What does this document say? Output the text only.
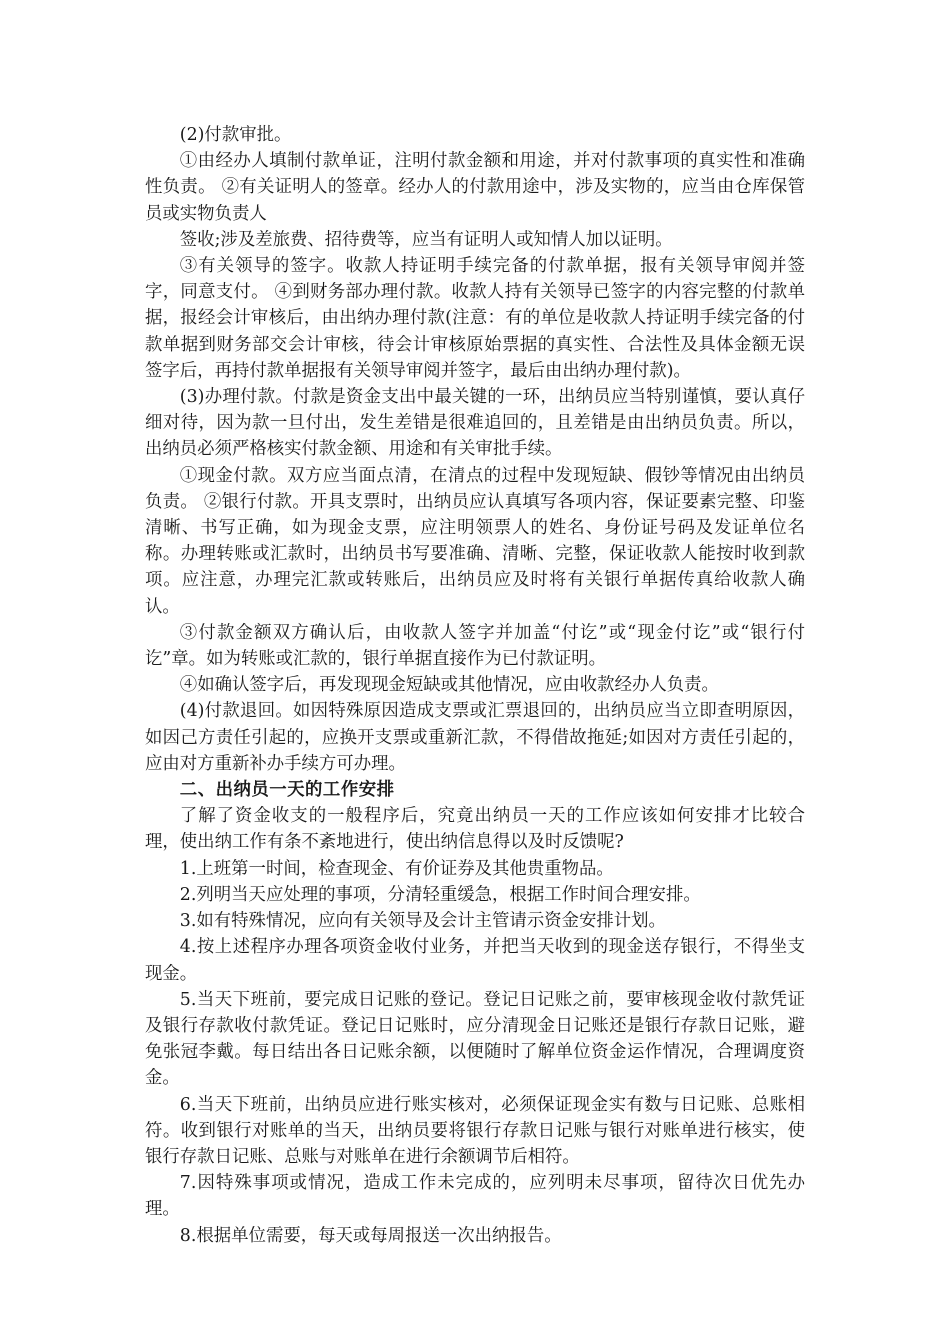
(2)付款审批。

①由经办人填制付款单证，注明付款金额和用途，并对付款事项的真实性和准确性负责。 ②有关证明人的签章。经办人的付款用途中，涉及实物的，应当由仓库保管员或实物负责人

签收;涉及差旅费、招待费等，应当有证明人或知情人加以证明。

③有关领导的签字。收款人持证明手续完备的付款单据，报有关领导审阅并签字，同意支付。 ④到财务部办理付款。收款人持有关领导已签字的内容完整的付款单据，报经会计审核后，由出纳办理付款(注意：有的单位是收款人持证明手续完备的付款单据到财务部交会计审核，待会计审核原始票据的真实性、合法性及具体金额无误签字后，再持付款单据报有关领导审阅并签字，最后由出纳办理付款)。

(3)办理付款。付款是资金支出中最关键的一环，出纳员应当特别谨慎，要认真仔细对待，因为款一旦付出，发生差错是很难追回的，且差错是由出纳员负责。所以，出纳员必须严格核实付款金额、用途和有关审批手续。

①现金付款。双方应当面点清，在清点的过程中发现短缺、假钞等情况由出纳员负责。 ②银行付款。开具支票时，出纳员应认真填写各项内容，保证要素完整、印鉴清晰、书写正确，如为现金支票，应注明领票人的姓名、身份证号码及发证单位名称。办理转账或汇款时，出纳员书写要准确、清晰、完整，保证收款人能按时收到款项。应注意，办理完汇款或转账后，出纳员应及时将有关银行单据传真给收款人确认。

③付款金额双方确认后，由收款人签字并加盖“付讫”或“现金付讫”或“银行付讫”章。如为转账或汇款的，银行单据直接作为已付款证明。

④如确认签字后，再发现现金短缺或其他情况，应由收款经办人负责。

(4)付款退回。如因特殊原因造成支票或汇票退回的，出纳员应当立即查明原因，如因己方责任引起的，应换开支票或重新汇款，不得借故拖延;如因对方责任引起的，应由对方重新补办手续方可办理。

二、出纳员一天的工作安排

了解了资金收支的一般程序后，究竟出纳员一天的工作应该如何安排才比较合理，使出纳工作有条不紊地进行，使出纳信息得以及时反馈呢?

1.上班第一时间，检查现金、有价证券及其他贵重物品。

2.列明当天应处理的事项，分清轻重缓急，根据工作时间合理安排。

3.如有特殊情况，应向有关领导及会计主管请示资金安排计划。

4.按上述程序办理各项资金收付业务，并把当天收到的现金送存银行，不得坐支现金。

5.当天下班前，要完成日记账的登记。登记日记账之前，要审核现金收付款凭证及银行存款收付款凭证。登记日记账时，应分清现金日记账还是银行存款日记账，避免张冠李戴。每日结出各日记账余额，以便随时了解单位资金运作情况，合理调度资金。

6.当天下班前，出纳员应进行账实核对，必须保证现金实有数与日记账、总账相符。收到银行对账单的当天，出纳员要将银行存款日记账与银行对账单进行核实，使银行存款日记账、总账与对账单在进行余额调节后相符。

7.因特殊事项或情况，造成工作未完成的，应列明未尽事项，留待次日优先办理。

8.根据单位需要，每天或每周报送一次出纳报告。
